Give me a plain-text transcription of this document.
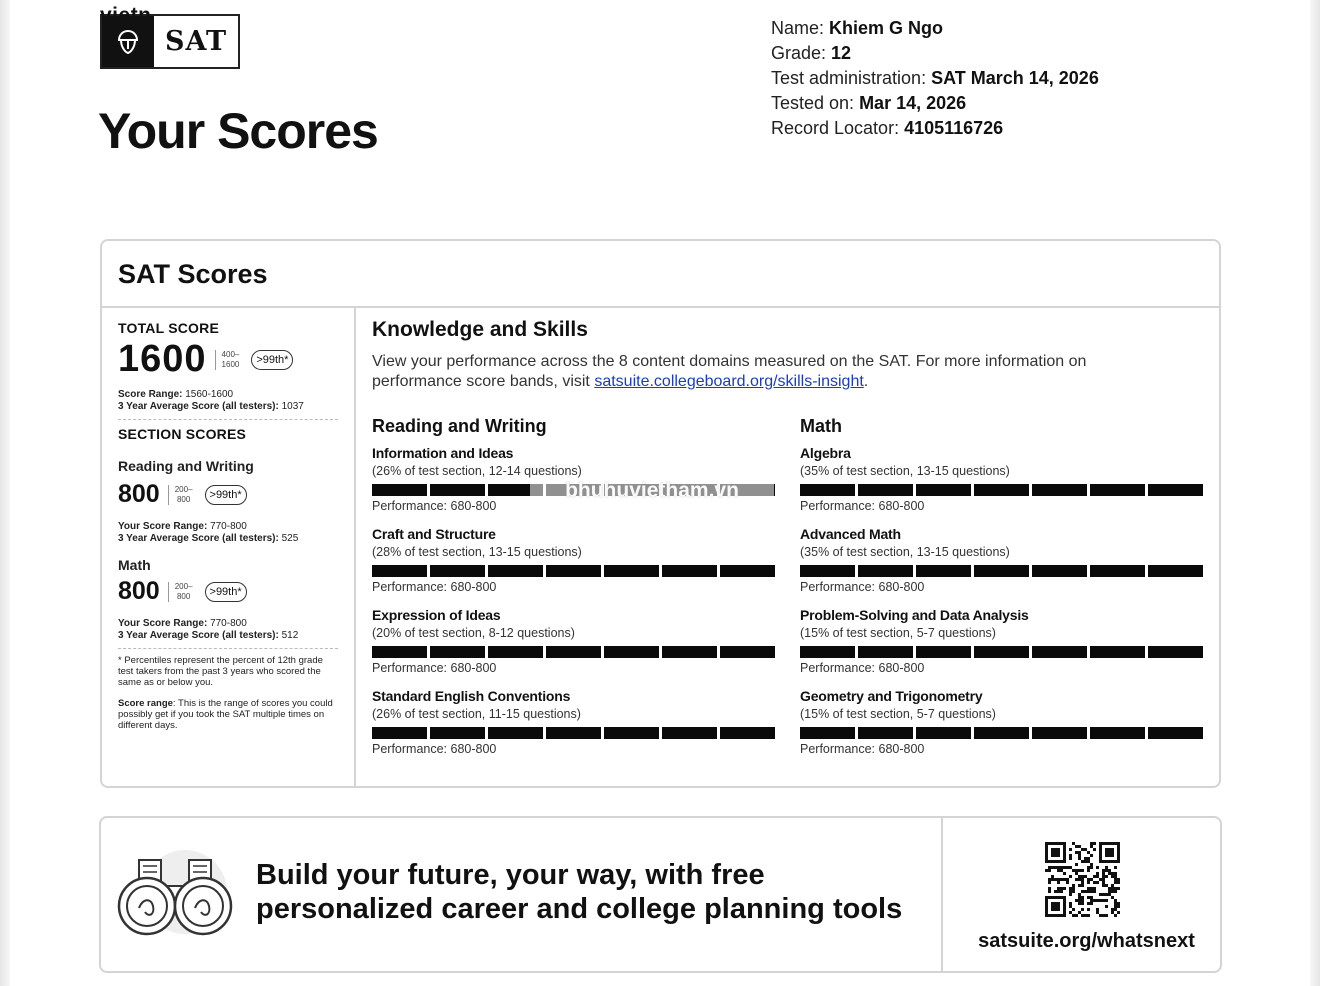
SAT
vietn
Your Scores
Name: Khiem G Ngo
Grade: 12
Test administration: SAT March 14, 2026
Tested on: Mar 14, 2026
Record Locator: 4105116726
SAT Scores
TOTAL SCORE
1600	400–
1600	>99th*
Score Range: 1560-1600
3 Year Average Score (all testers): 1037
SECTION SCORES
Reading and Writing
800	200–
800	>99th*
Your Score Range: 770-800
3 Year Average Score (all testers): 525
Math
800	200–
800	>99th*
Your Score Range: 770-800
3 Year Average Score (all testers): 512
* Percentiles represent the percent of 12th grade test takers from the past 3 years who scored the same as or below you.
Score range: This is the range of scores you could possibly get if you took the SAT multiple times on different days.
Knowledge and Skills
View your performance across the 8 content domains measured on the SAT. For more information on performance score bands, visit satsuite.collegeboard.org/skills-insight.
Reading and Writing
Information and Ideas
(26% of test section, 12-14 questions)
Performance: 680-800
Craft and Structure
(28% of test section, 13-15 questions)
Performance: 680-800
Expression of Ideas
(20% of test section, 8-12 questions)
Performance: 680-800
Standard English Conventions
(26% of test section, 11-15 questions)
Performance: 680-800
Math
Algebra
(35% of test section, 13-15 questions)
Performance: 680-800
Advanced Math
(35% of test section, 13-15 questions)
Performance: 680-800
Problem-Solving and Data Analysis
(15% of test section, 5-7 questions)
Performance: 680-800
Geometry and Trigonometry
(15% of test section, 5-7 questions)
Performance: 680-800
bhuhuvietham.vn
Build your future, your way, with free personalized career and college planning tools
satsuite.org/whatsnext
